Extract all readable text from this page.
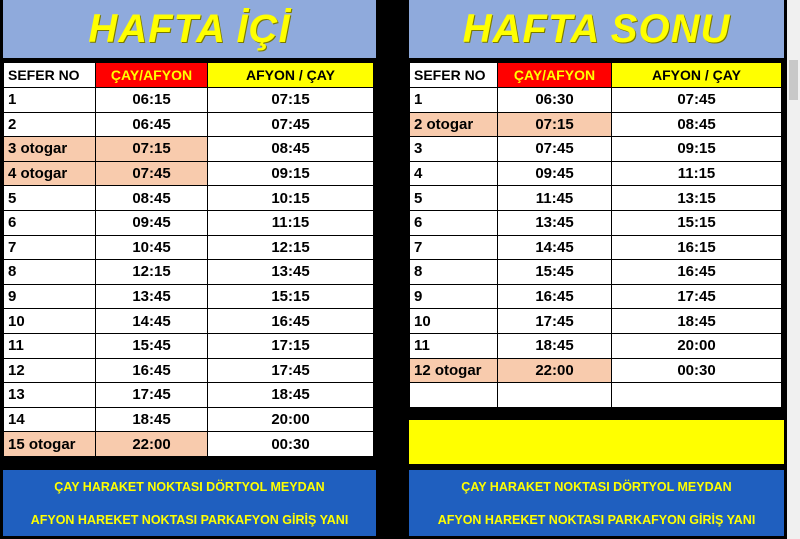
HAFTA İÇİ
SEFER NO	ÇAY/AFYON	AFYON / ÇAY
1	06:15	07:15
2	06:45	07:45
3 otogar	07:15	08:45
4 otogar	07:45	09:15
5	08:45	10:15
6	09:45	11:15
7	10:45	12:15
8	12:15	13:45
9	13:45	15:15
10	14:45	16:45
11	15:45	17:15
12	16:45	17:45
13	17:45	18:45
14	18:45	20:00
15 otogar	22:00	00:30
ÇAY HARAKET NOKTASI DÖRTYOL MEYDAN
AFYON HAREKET NOKTASI PARKAFYON GİRİŞ YANI
HAFTA SONU
SEFER NO	ÇAY/AFYON	AFYON / ÇAY
1	06:30	07:45
2 otogar	07:15	08:45
3	07:45	09:15
4	09:45	11:15
5	11:45	13:15
6	13:45	15:15
7	14:45	16:15
8	15:45	16:45
9	16:45	17:45
10	17:45	18:45
11	18:45	20:00
12 otogar	22:00	00:30

ÇAY HARAKET NOKTASI DÖRTYOL MEYDAN
AFYON HAREKET NOKTASI PARKAFYON GİRİŞ YANI
